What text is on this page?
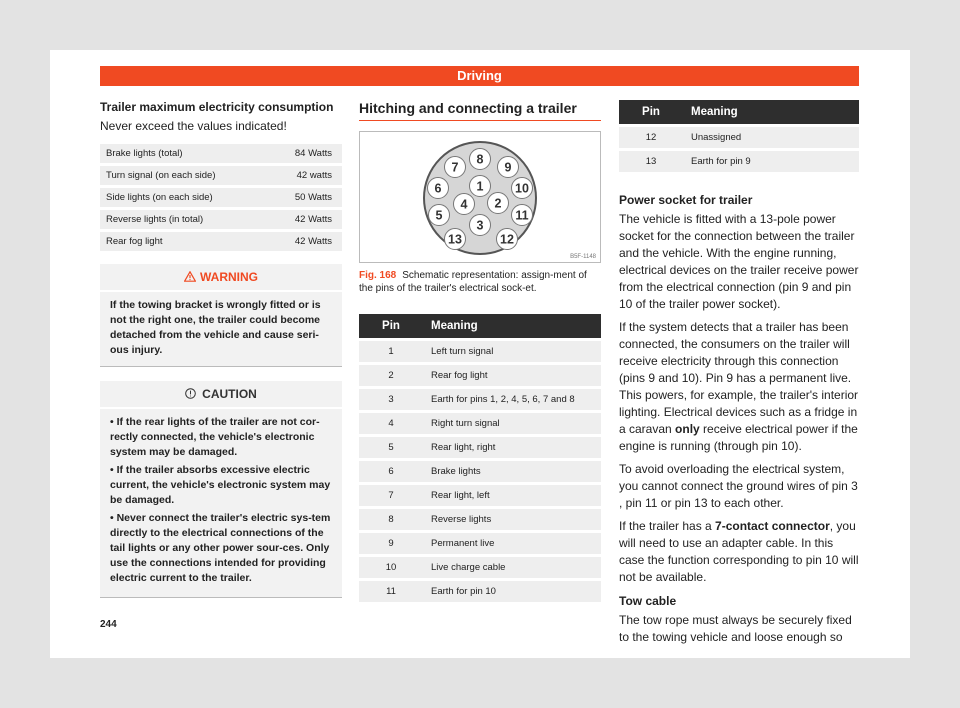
Driving

Trailer maximum electricity consumption

Never exceed the values indicated!

Brake lights (total)	84 Watts
Turn signal (on each side)	42 watts
Side lights (on each side)	50 Watts
Reverse lights (in total)	42 Watts
Rear fog light	42 Watts
WARNING
If the towing bracket is wrongly fitted or is not the right one, the trailer could become detached from the vehicle and cause seri-ous injury.
CAUTION
• If the rear lights of the trailer are not cor-rectly connected, the vehicle's electronic system may be damaged.
• If the trailer absorbs excessive electric current, the vehicle's electronic system may be damaged.
• Never connect the trailer's electric sys-tem directly to the electrical connections of the tail lights or any other power sour-ces. Only use the connections intended for providing electric current to the trailer.
Hitching and connecting a trailer
1
2
3
4
5
6
7
8
9
10
11
12
13
B5F-1148

Fig. 168 Schematic representation: assign-ment of the pins of the trailer's electrical sock-et.

Pin	Meaning
1	Left turn signal
2	Rear fog light
3	Earth for pins 1, 2, 4, 5, 6, 7 and 8
4	Right turn signal
5	Rear light, right
6	Brake lights
7	Rear light, left
8	Reverse lights
9	Permanent live
10	Live charge cable
11	Earth for pin 10
Pin	Meaning
12	Unassigned
13	Earth for pin 9

Power socket for trailer

The vehicle is fitted with a 13-pole power socket for the connection between the trailer and the vehicle. With the engine running, electrical devices on the trailer receive power from the electrical connection (pin 9 and pin 10 of the trailer power socket).

If the system detects that a trailer has been connected, the consumers on the trailer will receive electricity through this connection (pins 9 and 10). Pin 9 has a permanent live. This powers, for example, the trailer's interior lighting. Electrical devices such as a fridge in a caravan only receive electrical power if the engine is running (through pin 10).

To avoid overloading the electrical system, you cannot connect the ground wires of pin 3 , pin 11 or pin 13 to each other.

If the trailer has a 7-contact connector, you will need to use an adapter cable. In this case the function corresponding to pin 10 will not be available.

Tow cable

The tow rope must always be securely fixed to the towing vehicle and loose enough so

244
